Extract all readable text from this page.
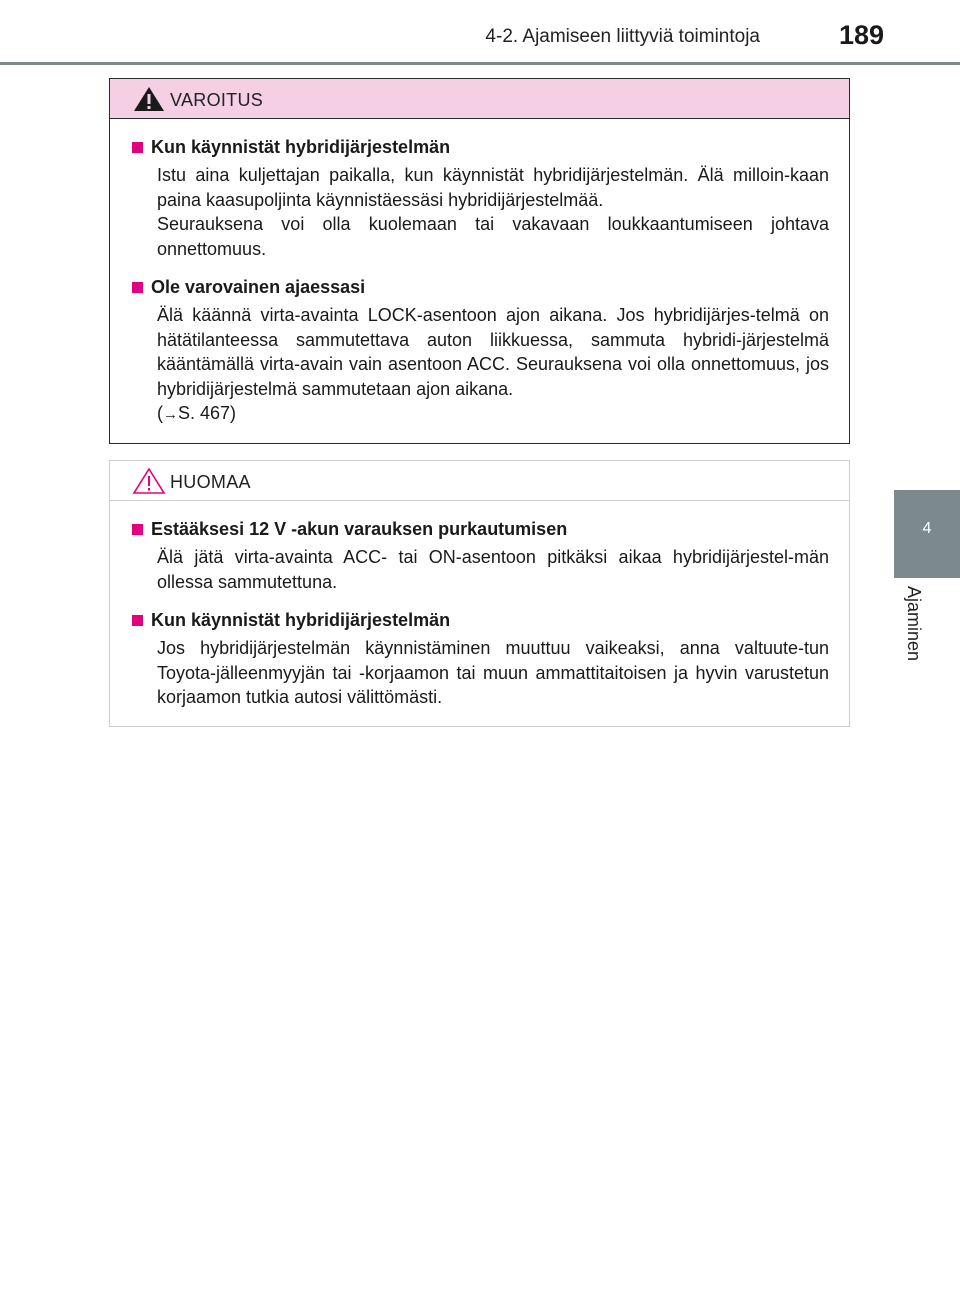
4-2. Ajamiseen liittyviä toimintoja	189
4
Ajaminen
VAROITUS
Kun käynnistät hybridijärjestelmän
Istu aina kuljettajan paikalla, kun käynnistät hybridijärjestelmän. Älä milloin-kaan paina kaasupoljinta käynnistäessäsi hybridijärjestelmää.
Seurauksena voi olla kuolemaan tai vakavaan loukkaantumiseen johtava onnettomuus.
Ole varovainen ajaessasi
Älä käännä virta-avainta LOCK-asentoon ajon aikana. Jos hybridijärjes-telmä on hätätilanteessa sammutettava auton liikkuessa, sammuta hybridi-järjestelmä kääntämällä virta-avain vain asentoon ACC. Seurauksena voi olla onnettomuus, jos hybridijärjestelmä sammutetaan ajon aikana.
(→S. 467)
HUOMAA
Estääksesi 12 V -akun varauksen purkautumisen
Älä jätä virta-avainta ACC- tai ON-asentoon pitkäksi aikaa hybridijärjestel-män ollessa sammutettuna.
Kun käynnistät hybridijärjestelmän
Jos hybridijärjestelmän käynnistäminen muuttuu vaikeaksi, anna valtuute-tun Toyota-jälleenmyyjän tai -korjaamon tai muun ammattitaitoisen ja hyvin varustetun korjaamon tutkia autosi välittömästi.
